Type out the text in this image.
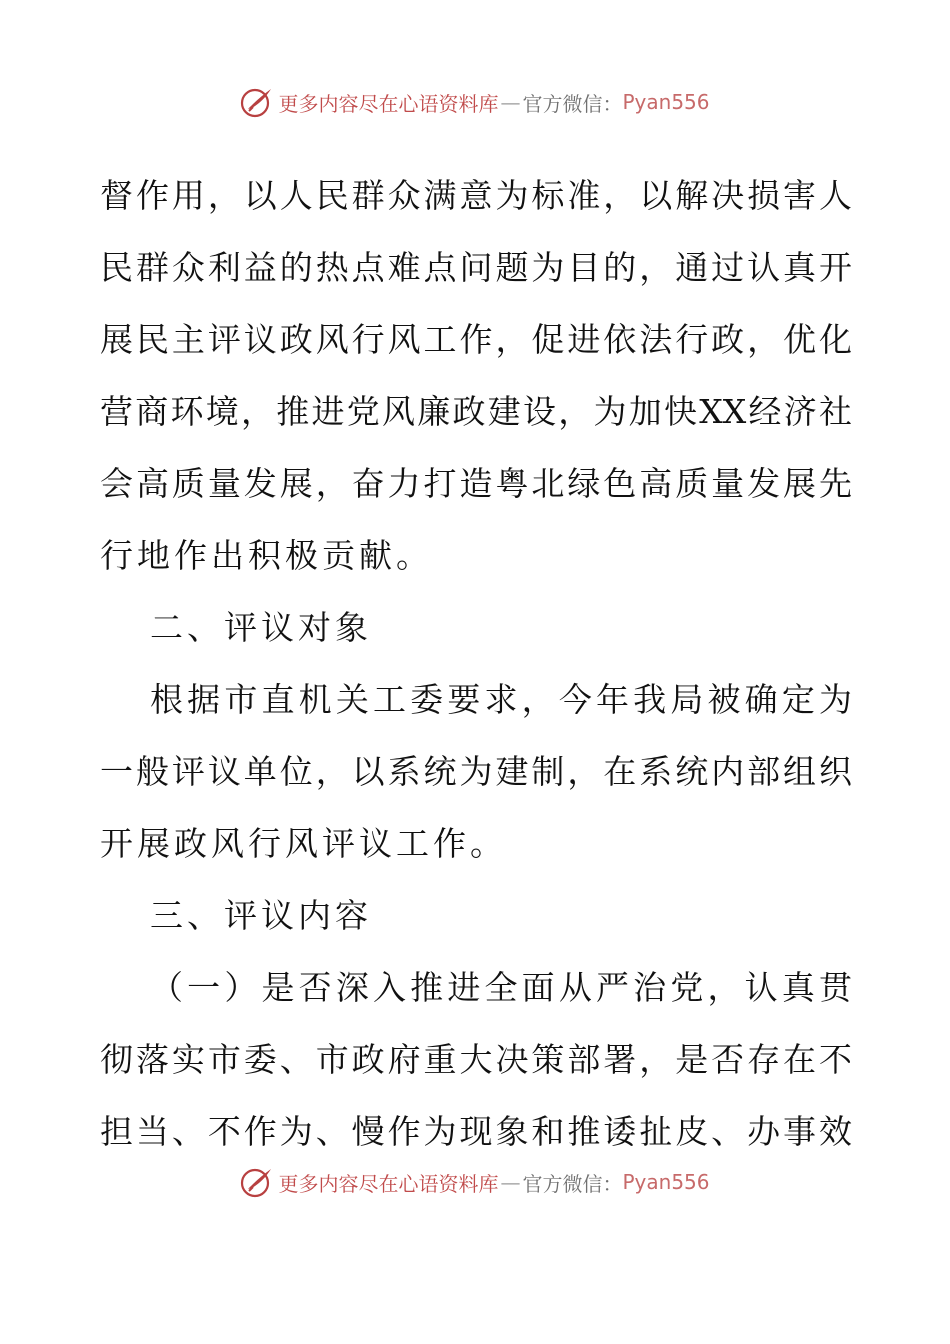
更多内容尽在心语资料库 — 官方微信： Pyan556
督作用，以人民群众满意为标准，以解决损害人
民群众利益的热点难点问题为目的，通过认真开
展民主评议政风行风工作，促进依法行政，优化
营商环境，推进党风廉政建设，为加快XX经济社
会高质量发展，奋力打造粤北绿色高质量发展先
行地作出积极贡献。
二、评议对象
根据市直机关工委要求，今年我局被确定为
一般评议单位，以系统为建制，在系统内部组织
开展政风行风评议工作。
三、评议内容
（一）是否深入推进全面从严治党，认真贯
彻落实市委、市政府重大决策部署，是否存在不
担当、不作为、慢作为现象和推诿扯皮、办事效
更多内容尽在心语资料库 — 官方微信： Pyan556
